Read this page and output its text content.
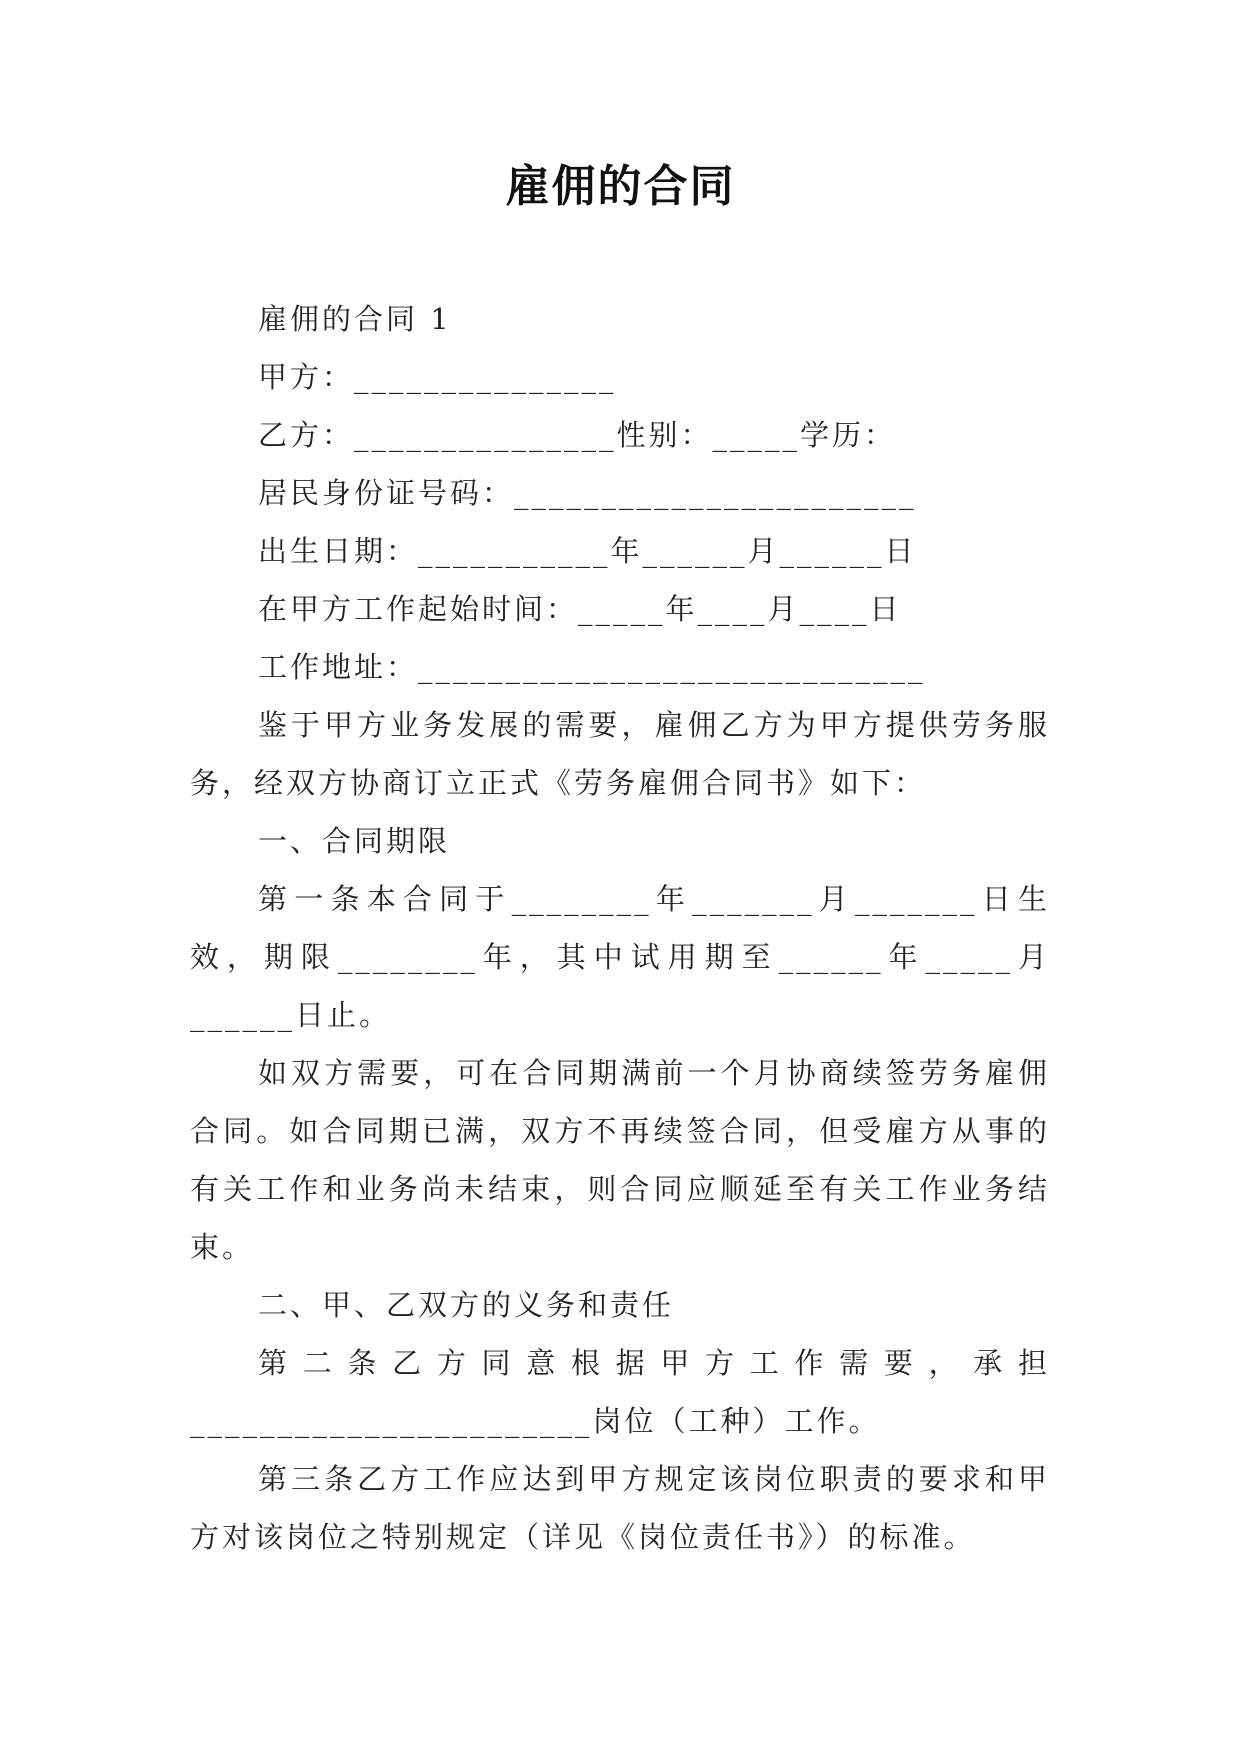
雇佣的合同

雇佣的合同 1

甲方：_______________

乙方：_______________性别：_____学历：

居民身份证号码：_______________________

出生日期：___________年______月______日

在甲方工作起始时间：_____年____月____日

工作地址：_____________________________

鉴于甲方业务发展的需要，雇佣乙方为甲方提供劳务服务，经双方协商订立正式《劳务雇佣合同书》如下：

一、合同期限

第一条本合同于________年_______月_______日生效，期限________年，其中试用期至______年_____月______日止。

如双方需要，可在合同期满前一个月协商续签劳务雇佣合同。如合同期已满，双方不再续签合同，但受雇方从事的有关工作和业务尚未结束，则合同应顺延至有关工作业务结束。

二、甲、乙双方的义务和责任

第二条乙方同意根据甲方工作需要，承担_______________________岗位（工种）工作。

第三条乙方工作应达到甲方规定该岗位职责的要求和甲方对该岗位之特别规定（详见《岗位责任书》）的标准。
